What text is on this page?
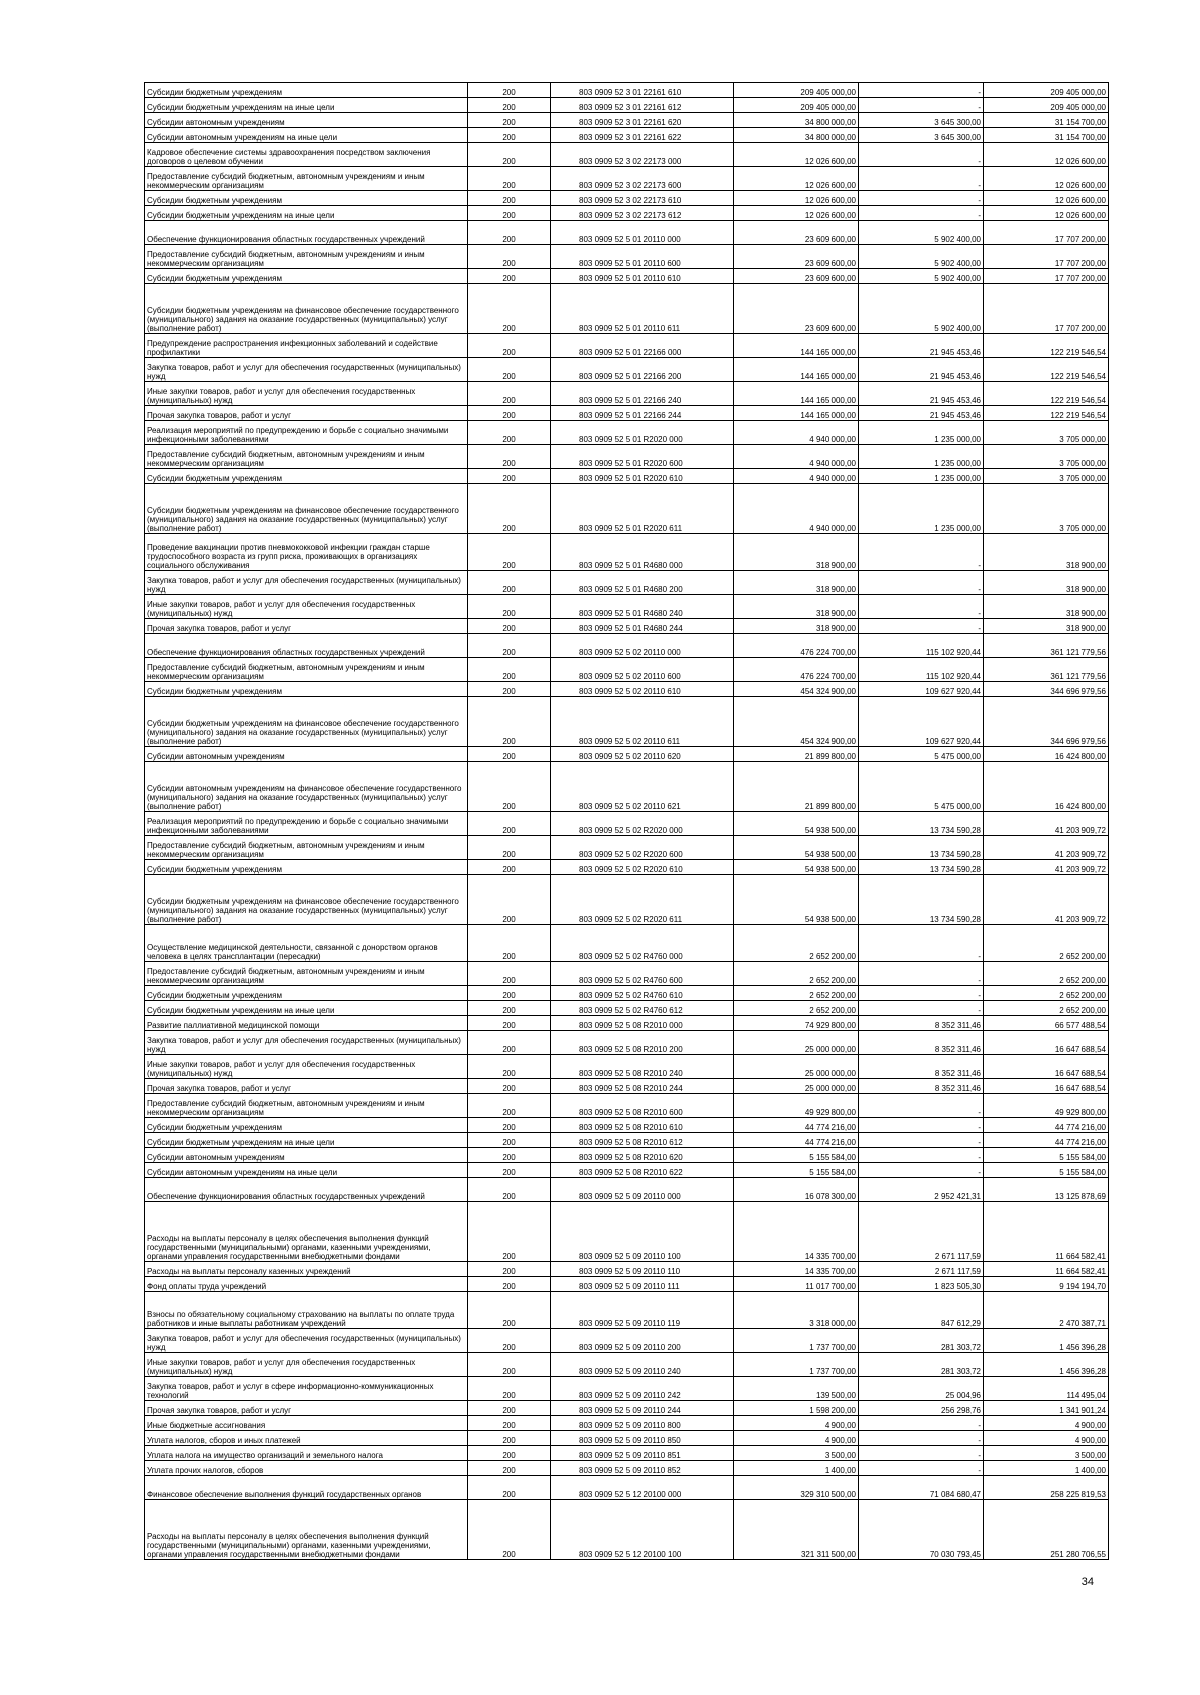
Субсидии бюджетным учреждениям	200	803 0909 52 3 01 22161 610	209 405 000,00	-	209 405 000,00
Субсидии бюджетным учреждениям на иные цели	200	803 0909 52 3 01 22161 612	209 405 000,00	-	209 405 000,00
Субсидии автономным учреждениям	200	803 0909 52 3 01 22161 620	34 800 000,00	3 645 300,00	31 154 700,00
Субсидии автономным учреждениям на иные цели	200	803 0909 52 3 01 22161 622	34 800 000,00	3 645 300,00	31 154 700,00
Кадровое обеспечение системы здравоохранения посредством заключения договоров о целевом обучении	200	803 0909 52 3 02 22173 000	12 026 600,00	-	12 026 600,00
Предоставление субсидий бюджетным, автономным учреждениям и иным некоммерческим организациям	200	803 0909 52 3 02 22173 600	12 026 600,00	-	12 026 600,00
Субсидии бюджетным учреждениям	200	803 0909 52 3 02 22173 610	12 026 600,00	-	12 026 600,00
Субсидии бюджетным учреждениям на иные цели	200	803 0909 52 3 02 22173 612	12 026 600,00	-	12 026 600,00
Обеспечение функционирования областных государственных учреждений	200	803 0909 52 5 01 20110 000	23 609 600,00	5 902 400,00	17 707 200,00
Предоставление субсидий бюджетным, автономным учреждениям и иным некоммерческим организациям	200	803 0909 52 5 01 20110 600	23 609 600,00	5 902 400,00	17 707 200,00
Субсидии бюджетным учреждениям	200	803 0909 52 5 01 20110 610	23 609 600,00	5 902 400,00	17 707 200,00
Субсидии бюджетным учреждениям на финансовое обеспечение государственного (муниципального) задания на оказание государственных (муниципальных) услуг (выполнение работ)	200	803 0909 52 5 01 20110 611	23 609 600,00	5 902 400,00	17 707 200,00
Предупреждение распространения инфекционных заболеваний и содействие профилактики	200	803 0909 52 5 01 22166 000	144 165 000,00	21 945 453,46	122 219 546,54
Закупка товаров, работ и услуг для обеспечения государственных (муниципальных) нужд	200	803 0909 52 5 01 22166 200	144 165 000,00	21 945 453,46	122 219 546,54
Иные закупки товаров, работ и услуг для обеспечения государственных (муниципальных) нужд	200	803 0909 52 5 01 22166 240	144 165 000,00	21 945 453,46	122 219 546,54
Прочая закупка товаров, работ и услуг	200	803 0909 52 5 01 22166 244	144 165 000,00	21 945 453,46	122 219 546,54
Реализация мероприятий по предупреждению и борьбе с социально значимыми инфекционными заболеваниями	200	803 0909 52 5 01 R2020 000	4 940 000,00	1 235 000,00	3 705 000,00
Предоставление субсидий бюджетным, автономным учреждениям и иным некоммерческим организациям	200	803 0909 52 5 01 R2020 600	4 940 000,00	1 235 000,00	3 705 000,00
Субсидии бюджетным учреждениям	200	803 0909 52 5 01 R2020 610	4 940 000,00	1 235 000,00	3 705 000,00
Субсидии бюджетным учреждениям на финансовое обеспечение государственного (муниципального) задания на оказание государственных (муниципальных) услуг (выполнение работ)	200	803 0909 52 5 01 R2020 611	4 940 000,00	1 235 000,00	3 705 000,00
Проведение вакцинации против пневмококковой инфекции граждан старше трудоспособного возраста из групп риска, проживающих в организациях социального обслуживания	200	803 0909 52 5 01 R4680 000	318 900,00	-	318 900,00
Закупка товаров, работ и услуг для обеспечения государственных (муниципальных) нужд	200	803 0909 52 5 01 R4680 200	318 900,00	-	318 900,00
Иные закупки товаров, работ и услуг для обеспечения государственных (муниципальных) нужд	200	803 0909 52 5 01 R4680 240	318 900,00	-	318 900,00
Прочая закупка товаров, работ и услуг	200	803 0909 52 5 01 R4680 244	318 900,00	-	318 900,00
Обеспечение функционирования областных государственных учреждений	200	803 0909 52 5 02 20110 000	476 224 700,00	115 102 920,44	361 121 779,56
Предоставление субсидий бюджетным, автономным учреждениям и иным некоммерческим организациям	200	803 0909 52 5 02 20110 600	476 224 700,00	115 102 920,44	361 121 779,56
Субсидии бюджетным учреждениям	200	803 0909 52 5 02 20110 610	454 324 900,00	109 627 920,44	344 696 979,56
Субсидии бюджетным учреждениям на финансовое обеспечение государственного (муниципального) задания на оказание государственных (муниципальных) услуг (выполнение работ)	200	803 0909 52 5 02 20110 611	454 324 900,00	109 627 920,44	344 696 979,56
Субсидии автономным учреждениям	200	803 0909 52 5 02 20110 620	21 899 800,00	5 475 000,00	16 424 800,00
Субсидии автономным учреждениям на финансовое обеспечение государственного (муниципального) задания на оказание государственных (муниципальных) услуг (выполнение работ)	200	803 0909 52 5 02 20110 621	21 899 800,00	5 475 000,00	16 424 800,00
Реализация мероприятий по предупреждению и борьбе с социально значимыми инфекционными заболеваниями	200	803 0909 52 5 02 R2020 000	54 938 500,00	13 734 590,28	41 203 909,72
Предоставление субсидий бюджетным, автономным учреждениям и иным некоммерческим организациям	200	803 0909 52 5 02 R2020 600	54 938 500,00	13 734 590,28	41 203 909,72
Субсидии бюджетным учреждениям	200	803 0909 52 5 02 R2020 610	54 938 500,00	13 734 590,28	41 203 909,72
Субсидии бюджетным учреждениям на финансовое обеспечение государственного (муниципального) задания на оказание государственных (муниципальных) услуг (выполнение работ)	200	803 0909 52 5 02 R2020 611	54 938 500,00	13 734 590,28	41 203 909,72
Осуществление медицинской деятельности, связанной с донорством органов человека в целях трансплантации (пересадки)	200	803 0909 52 5 02 R4760 000	2 652 200,00	-	2 652 200,00
Предоставление субсидий бюджетным, автономным учреждениям и иным некоммерческим организациям	200	803 0909 52 5 02 R4760 600	2 652 200,00	-	2 652 200,00
Субсидии бюджетным учреждениям	200	803 0909 52 5 02 R4760 610	2 652 200,00	-	2 652 200,00
Субсидии бюджетным учреждениям на иные цели	200	803 0909 52 5 02 R4760 612	2 652 200,00	-	2 652 200,00
Развитие паллиативной медицинской помощи	200	803 0909 52 5 08 R2010 000	74 929 800,00	8 352 311,46	66 577 488,54
Закупка товаров, работ и услуг для обеспечения государственных (муниципальных) нужд	200	803 0909 52 5 08 R2010 200	25 000 000,00	8 352 311,46	16 647 688,54
Иные закупки товаров, работ и услуг для обеспечения государственных (муниципальных) нужд	200	803 0909 52 5 08 R2010 240	25 000 000,00	8 352 311,46	16 647 688,54
Прочая закупка товаров, работ и услуг	200	803 0909 52 5 08 R2010 244	25 000 000,00	8 352 311,46	16 647 688,54
Предоставление субсидий бюджетным, автономным учреждениям и иным некоммерческим организациям	200	803 0909 52 5 08 R2010 600	49 929 800,00	-	49 929 800,00
Субсидии бюджетным учреждениям	200	803 0909 52 5 08 R2010 610	44 774 216,00	-	44 774 216,00
Субсидии бюджетным учреждениям на иные цели	200	803 0909 52 5 08 R2010 612	44 774 216,00	-	44 774 216,00
Субсидии автономным учреждениям	200	803 0909 52 5 08 R2010 620	5 155 584,00	-	5 155 584,00
Субсидии автономным учреждениям на иные цели	200	803 0909 52 5 08 R2010 622	5 155 584,00	-	5 155 584,00
Обеспечение функционирования областных государственных учреждений	200	803 0909 52 5 09 20110 000	16 078 300,00	2 952 421,31	13 125 878,69
Расходы на выплаты персоналу в целях обеспечения выполнения функций государственными (муниципальными) органами, казенными учреждениями, органами управления государственными внебюджетными фондами	200	803 0909 52 5 09 20110 100	14 335 700,00	2 671 117,59	11 664 582,41
Расходы на выплаты персоналу казенных учреждений	200	803 0909 52 5 09 20110 110	14 335 700,00	2 671 117,59	11 664 582,41
Фонд оплаты труда учреждений	200	803 0909 52 5 09 20110 111	11 017 700,00	1 823 505,30	9 194 194,70
Взносы по обязательному социальному страхованию на выплаты по оплате труда работников и иные выплаты работникам учреждений	200	803 0909 52 5 09 20110 119	3 318 000,00	847 612,29	2 470 387,71
Закупка товаров, работ и услуг для обеспечения государственных (муниципальных) нужд	200	803 0909 52 5 09 20110 200	1 737 700,00	281 303,72	1 456 396,28
Иные закупки товаров, работ и услуг для обеспечения государственных (муниципальных) нужд	200	803 0909 52 5 09 20110 240	1 737 700,00	281 303,72	1 456 396,28
Закупка товаров, работ и услуг в сфере информационно-коммуникационных технологий	200	803 0909 52 5 09 20110 242	139 500,00	25 004,96	114 495,04
Прочая закупка товаров, работ и услуг	200	803 0909 52 5 09 20110 244	1 598 200,00	256 298,76	1 341 901,24
Иные бюджетные ассигнования	200	803 0909 52 5 09 20110 800	4 900,00	-	4 900,00
Уплата налогов, сборов и иных платежей	200	803 0909 52 5 09 20110 850	4 900,00	-	4 900,00
Уплата налога на имущество организаций и земельного налога	200	803 0909 52 5 09 20110 851	3 500,00	-	3 500,00
Уплата прочих налогов, сборов	200	803 0909 52 5 09 20110 852	1 400,00	-	1 400,00
Финансовое обеспечение выполнения функций государственных органов	200	803 0909 52 5 12 20100 000	329 310 500,00	71 084 680,47	258 225 819,53
Расходы на выплаты персоналу в целях обеспечения выполнения функций государственными (муниципальными) органами, казенными учреждениями, органами управления государственными внебюджетными фондами	200	803 0909 52 5 12 20100 100	321 311 500,00	70 030 793,45	251 280 706,55
34
